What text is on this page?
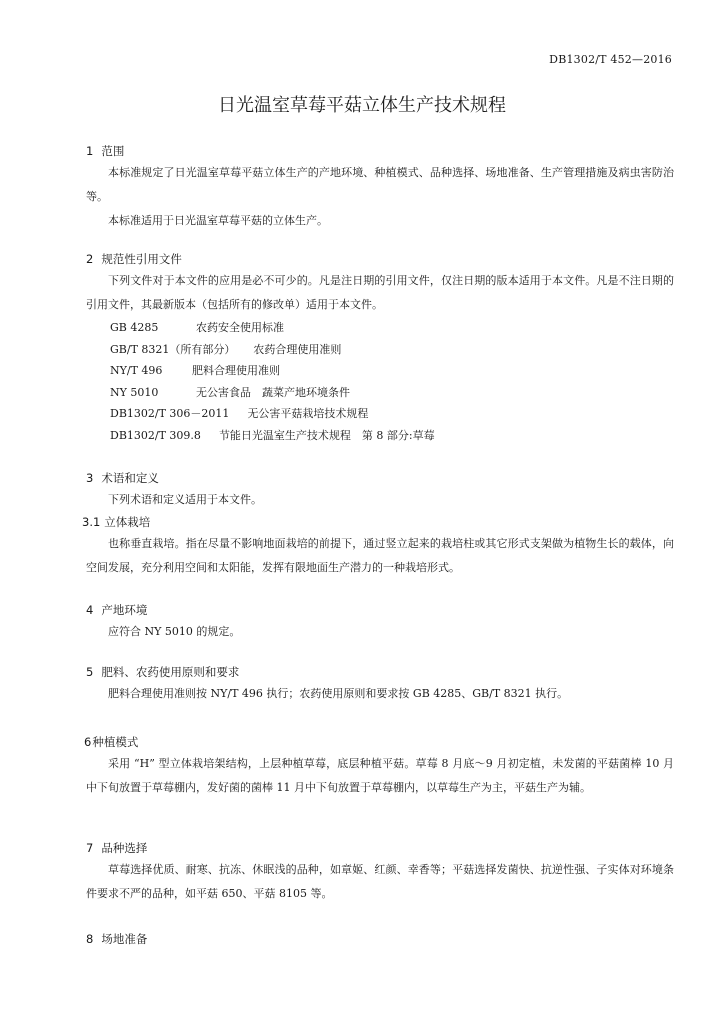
DB1302/T 452—2016
日光温室草莓平菇立体生产技术规程
1 范围
本标准规定了日光温室草莓平菇立体生产的产地环境、种植模式、品种选择、场地准备、生产管理措施及病虫害防治等。
本标准适用于日光温室草莓平菇的立体生产。
2 规范性引用文件
下列文件对于本文件的应用是必不可少的。凡是注日期的引用文件，仅注日期的版本适用于本文件。凡是不注日期的引用文件，其最新版本（包括所有的修改单）适用于本文件。
GB 4285	农药安全使用标准
GB/T 8321（所有部分） 农药合理使用准则
NY/T 496	肥料合理使用准则
NY 5010	无公害食品　蔬菜产地环境条件
DB1302/T 306－2011 无公害平菇栽培技术规程
DB1302/T 309.8 节能日光温室生产技术规程　第 8 部分:草莓
3 术语和定义
下列术语和定义适用于本文件。
3.1 立体栽培
也称垂直栽培。指在尽量不影响地面栽培的前提下，通过竖立起来的栽培柱或其它形式支架做为植物生长的载体，向空间发展，充分利用空间和太阳能，发挥有限地面生产潜力的一种栽培形式。
4 产地环境
应符合 NY 5010 的规定。
5 肥料、农药使用原则和要求
肥料合理使用准则按 NY/T 496 执行；农药使用原则和要求按 GB 4285、GB/T 8321 执行。
6种植模式
采用 “H” 型立体栽培架结构，上层种植草莓，底层种植平菇。草莓 8 月底～9 月初定植，未发菌的平菇菌棒 10 月中下旬放置于草莓棚内，发好菌的菌棒 11 月中下旬放置于草莓棚内，以草莓生产为主，平菇生产为辅。
7 品种选择
草莓选择优质、耐寒、抗冻、休眠浅的品种，如章姬、红颜、幸香等；平菇选择发菌快、抗逆性强、子实体对环境条件要求不严的品种，如平菇 650、平菇 8105 等。
8 场地准备
